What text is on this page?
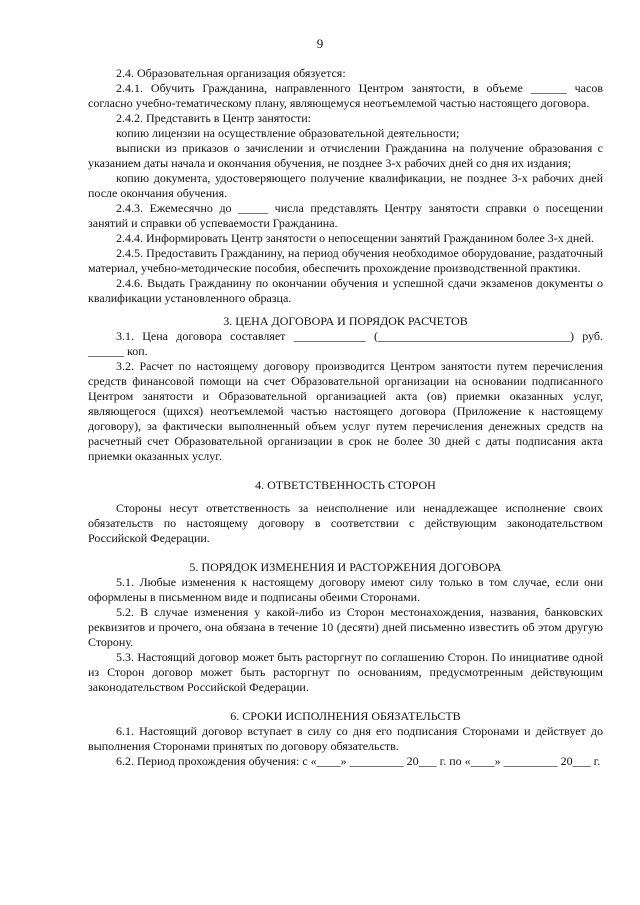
9

2.4. Образовательная организация обязуется:

2.4.1. Обучить Гражданина, направленного Центром занятости, в объеме ______ часов согласно учебно-тематическому плану, являющемуся неотъемлемой частью настоящего договора.

2.4.2. Представить в Центр занятости:

копию лицензии на осуществление образовательной деятельности;

выписки из приказов о зачислении и отчислении Гражданина на получение образования с указанием даты начала и окончания обучения, не позднее 3-х рабочих дней со дня их издания;

копию документа, удостоверяющего получение квалификации, не позднее 3-х рабочих дней после окончания обучения.

2.4.3. Ежемесячно до _____ числа представлять Центру занятости справки о посещении занятий и справки об успеваемости Гражданина.

2.4.4. Информировать Центр занятости о непосещении занятий Гражданином более 3-х дней.

2.4.5. Предоставить Гражданину, на период обучения необходимое оборудование, раздаточный материал, учебно-методические пособия, обеспечить прохождение производственной практики.

2.4.6. Выдать Гражданину по окончании обучения и успешной сдачи экзаменов документы о квалификации установленного образца.

3. ЦЕНА ДОГОВОРА И ПОРЯДОК РАСЧЕТОВ

3.1. Цена договора составляет ____________ (________________________________) руб. ______ коп.

3.2. Расчет по настоящему договору производится Центром занятости путем перечисления средств финансовой помощи на счет Образовательной организации на основании подписанного Центром занятости и Образовательной организацией акта (ов) приемки оказанных услуг, являющегося (щихся) неотъемлемой частью настоящего договора (Приложение к настоящему договору), за фактически выполненный объем услуг путем перечисления денежных средств на расчетный счет Образовательной организации в срок не более 30 дней с даты подписания акта приемки оказанных услуг.

4. ОТВЕТСТВЕННОСТЬ СТОРОН

Стороны несут ответственность за неисполнение или ненадлежащее исполнение своих обязательств по настоящему договору в соответствии с действующим законодательством Российской Федерации.

5. ПОРЯДОК ИЗМЕНЕНИЯ И РАСТОРЖЕНИЯ ДОГОВОРА

5.1. Любые изменения к настоящему договору имеют силу только в том случае, если они оформлены в письменном виде и подписаны обеими Сторонами.

5.2. В случае изменения у какой-либо из Сторон местонахождения, названия, банковских реквизитов и прочего, она обязана в течение 10 (десяти) дней письменно известить об этом другую Сторону.

5.3. Настоящий договор может быть расторгнут по соглашению Сторон. По инициативе одной из Сторон договор может быть расторгнут по основаниям, предусмотренным действующим законодательством Российской Федерации.

6. СРОКИ ИСПОЛНЕНИЯ ОБЯЗАТЕЛЬСТВ

6.1. Настоящий договор вступает в силу со дня его подписания Сторонами и действует до выполнения Сторонами принятых по договору обязательств.

6.2. Период прохождения обучения: с «____» _________ 20___ г. по «____» _________ 20___ г.
